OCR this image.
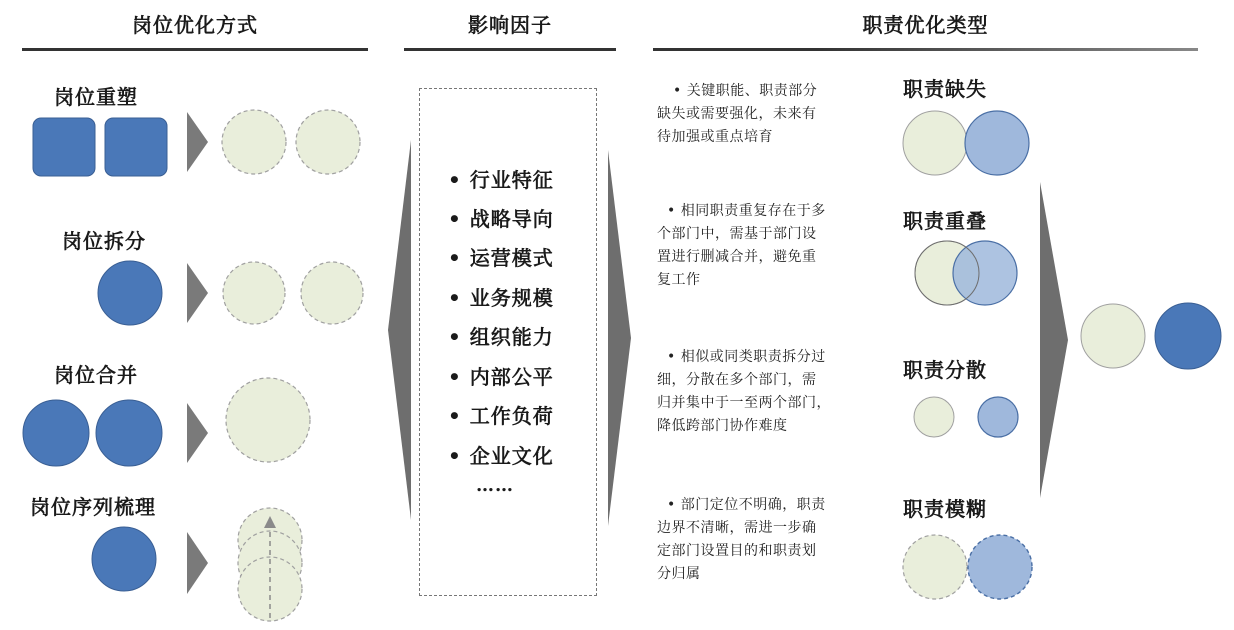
岗位优化方式	影响因子	职责优化类型
岗位重塑
岗位拆分
岗位合并
岗位序列梳理
• 行业特征
• 战略导向
• 运营模式
• 业务规模
• 组织能力
• 内部公平
• 工作负荷
• 企业文化
……
• 关键职能、职责部分
缺失或需要强化，未来有
待加强或重点培育
• 相同职责重复存在于多
个部门中，需基于部门设
置进行删减合并，避免重
复工作
• 相似或同类职责拆分过
细，分散在多个部门，需
归并集中于一至两个部门，
降低跨部门协作难度
• 部门定位不明确，职责
边界不清晰，需进一步确
定部门设置目的和职责划
分归属
职责缺失
职责重叠
职责分散
职责模糊
